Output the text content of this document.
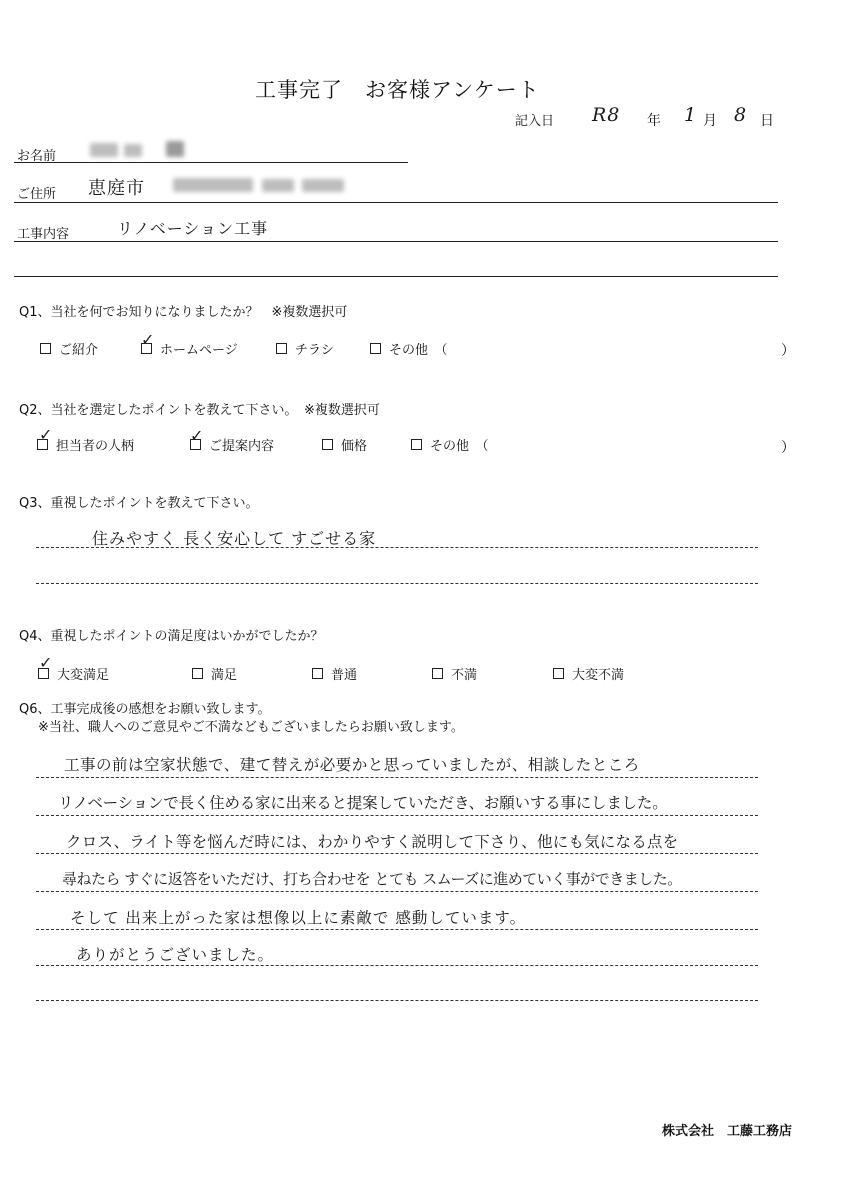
工事完了　お客様アンケート
記入日 R8 年 1 月 8 日
お名前
ご住所 恵庭市
工事内容	リノベーション工事
Q1、当社を何でお知りになりましたか？　※複数選択可
ご紹介
✓
ホームページ	チラシ	その他　（	）
Q2、当社を選定したポイントを教えて下さい。　※複数選択可
✓
担当者の人柄
✓
ご提案内容	価格	その他　（	）
Q3、重視したポイントを教えて下さい。
住みやすく 長く安心して すごせる家
Q4、重視したポイントの満足度はいかがでしたか？
✓
大変満足	満足	普通	不満	大変不満
Q6、工事完成後の感想をお願い致します。
※当社、職人へのご意見やご不満などもございましたらお願い致します。
工事の前は空家状態で、建て替えが必要かと思っていましたが、相談したところ
リノベーションで長く住める家に出来ると提案していただき、お願いする事にしました。
クロス、ライト等を悩んだ時には、わかりやすく説明して下さり、他にも気になる点を
尋ねたら すぐに返答をいただけ、打ち合わせを とても スムーズに進めていく事ができました。
そして 出来上がった家は想像以上に素敵で 感動しています。
ありがとうございました。
株式会社　工藤工務店
